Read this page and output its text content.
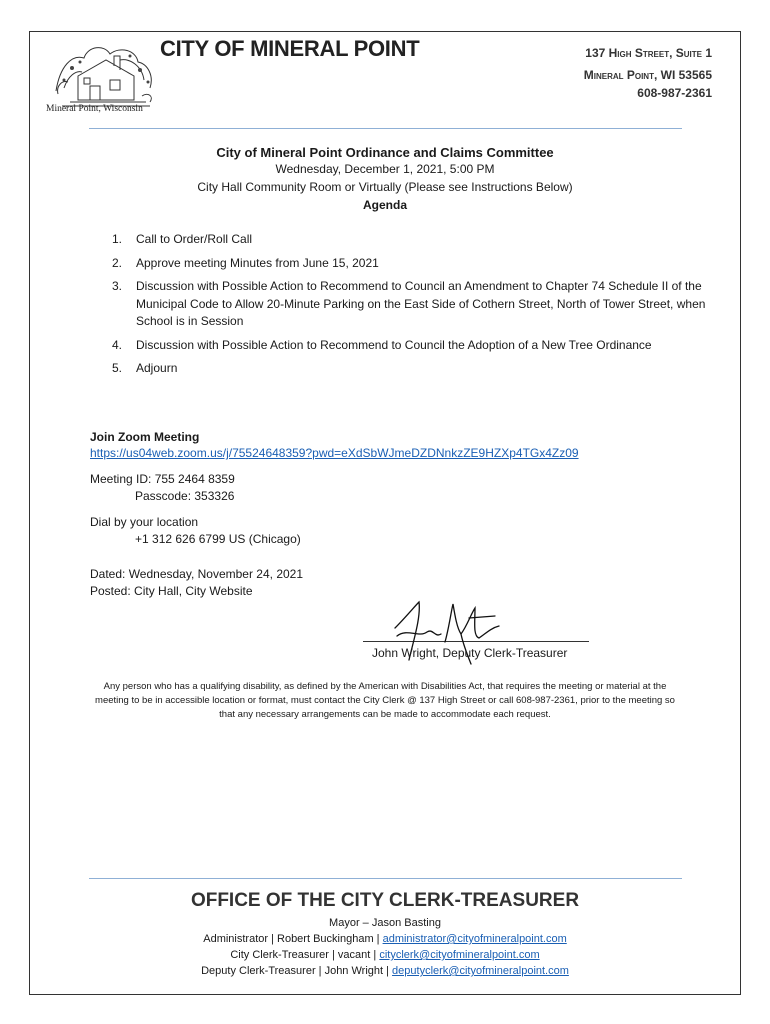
Mineral Point, Wisconsin
CITY OF MINERAL POINT	137 High Street, Suite 1
Mineral Point, WI 53565
608-987-2361
City of Mineral Point Ordinance and Claims Committee
Wednesday, December 1, 2021, 5:00 PM
City Hall Community Room or Virtually (Please see Instructions Below)
Agenda
1. Call to Order/Roll Call
2. Approve meeting Minutes from June 15, 2021
3. Discussion with Possible Action to Recommend to Council an Amendment to Chapter 74 Schedule II of the Municipal Code to Allow 20-Minute Parking on the East Side of Cothern Street, North of Tower Street, when School is in Session
4. Discussion with Possible Action to Recommend to Council the Adoption of a New Tree Ordinance
5. Adjourn
Join Zoom Meeting
https://us04web.zoom.us/j/75524648359?pwd=eXdSbWJmeDZDNnkzZE9HZXp4TGx4Zz09
Meeting ID: 755 2464 8359
Passcode: 353326
Dial by your location
+1 312 626 6799 US (Chicago)
Dated: Wednesday, November 24, 2021
Posted: City Hall, City Website
John Wright, Deputy Clerk-Treasurer
Any person who has a qualifying disability, as defined by the American with Disabilities Act, that requires the meeting or material at the meeting to be in accessible location or format, must contact the City Clerk @ 137 High Street or call 608-987-2361, prior to the meeting so that any necessary arrangements can be made to accommodate each request.
OFFICE OF THE CITY CLERK-TREASURER
Mayor – Jason Basting
Administrator | Robert Buckingham | administrator@cityofmineralpoint.com
City Clerk-Treasurer | vacant | cityclerk@cityofmineralpoint.com
Deputy Clerk-Treasurer | John Wright | deputyclerk@cityofmineralpoint.com
